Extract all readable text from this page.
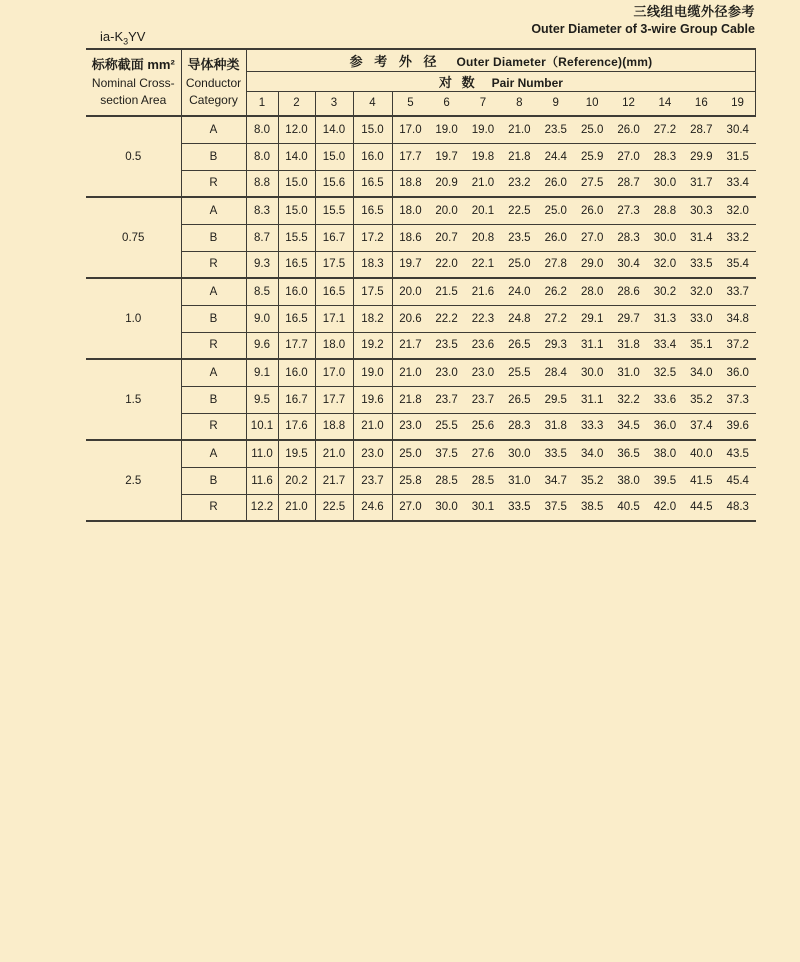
三线组电缆外径参考
Outer Diameter of 3-wire Group Cable
$ia-K_3YV$
标称截面 mm²
Nominal Cross-
section Area

导体种类
Conductor
Category
	参 考 外 径 Outer Diameter（Reference)(mm)
		对 数 Pair Number													
		1	2	3	4	5	6	7	8	9	10	12	14	16	19
0.5	A	8.0	12.0	14.0	15.0	17.0	19.0	19.0	21.0	23.5	25.0	26.0	27.2	28.7	30.4
	B	8.0	14.0	15.0	16.0	17.7	19.7	19.8	21.8	24.4	25.9	27.0	28.3	29.9	31.5
	R	8.8	15.0	15.6	16.5	18.8	20.9	21.0	23.2	26.0	27.5	28.7	30.0	31.7	33.4
0.75	A	8.3	15.0	15.5	16.5	18.0	20.0	20.1	22.5	25.0	26.0	27.3	28.8	30.3	32.0
	B	8.7	15.5	16.7	17.2	18.6	20.7	20.8	23.5	26.0	27.0	28.3	30.0	31.4	33.2
	R	9.3	16.5	17.5	18.3	19.7	22.0	22.1	25.0	27.8	29.0	30.4	32.0	33.5	35.4
1.0	A	8.5	16.0	16.5	17.5	20.0	21.5	21.6	24.0	26.2	28.0	28.6	30.2	32.0	33.7
	B	9.0	16.5	17.1	18.2	20.6	22.2	22.3	24.8	27.2	29.1	29.7	31.3	33.0	34.8
	R	9.6	17.7	18.0	19.2	21.7	23.5	23.6	26.5	29.3	31.1	31.8	33.4	35.1	37.2
1.5	A	9.1	16.0	17.0	19.0	21.0	23.0	23.0	25.5	28.4	30.0	31.0	32.5	34.0	36.0
	B	9.5	16.7	17.7	19.6	21.8	23.7	23.7	26.5	29.5	31.1	32.2	33.6	35.2	37.3
	R	10.1	17.6	18.8	21.0	23.0	25.5	25.6	28.3	31.8	33.3	34.5	36.0	37.4	39.6
2.5	A	11.0	19.5	21.0	23.0	25.0	37.5	27.6	30.0	33.5	34.0	36.5	38.0	40.0	43.5
	B	11.6	20.2	21.7	23.7	25.8	28.5	28.5	31.0	34.7	35.2	38.0	39.5	41.5	45.4
	R	12.2	21.0	22.5	24.6	27.0	30.0	30.1	33.5	37.5	38.5	40.5	42.0	44.5	48.3
